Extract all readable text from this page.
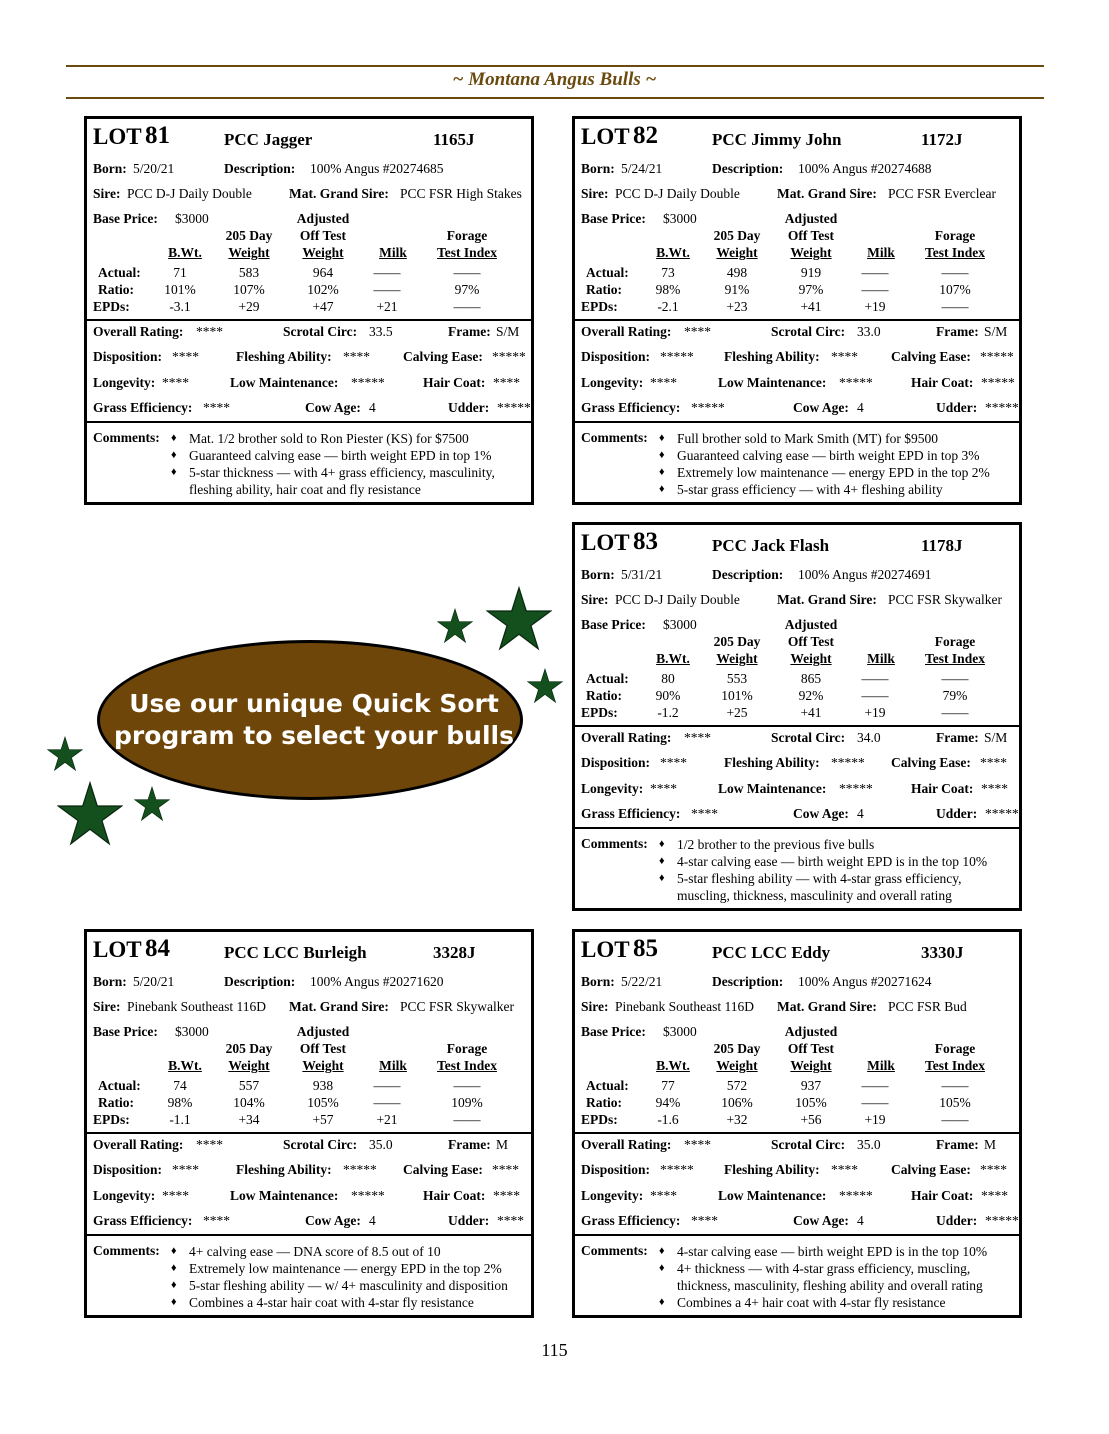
~ Montana Angus Bulls ~
LOT 81	PCC Jagger	1165J
Born: 5/20/21	Description: 100% Angus #20274685
Sire: PCC D-J Daily Double	Mat. Grand Sire: PCC FSR High Stakes
Base Price: $3000	Adjusted
205 Day	Off Test	Forage
B.Wt.	Weight	Weight	Milk	Test Index
Actual:	71	583	964	——	——
Ratio:	101%	107%	102%	——	97%
EPDs:	-3.1	+29	+47	+21	——
Overall Rating: ****	Scrotal Circ: 33.5	Frame: S/M
Disposition: ****	Fleshing Ability: **** Calving Ease: *****
Longevity: ****	Low Maintenance: *****	Hair Coat: ****
Grass Efficiency: ****	Cow Age: 4	Udder: *****
Comments:	♦ Mat. 1/2 brother sold to Ron Piester (KS) for $7500
♦ Guaranteed calving ease — birth weight EPD in top 1%
♦ 5-star thickness — with 4+ grass efficiency, masculinity, fleshing ability, hair coat and fly resistance
LOT 82	PCC Jimmy John	1172J
Born: 5/24/21	Description: 100% Angus #20274688
Sire: PCC D-J Daily Double	Mat. Grand Sire: PCC FSR Everclear
Base Price: $3000	Adjusted
205 Day	Off Test	Forage
B.Wt.	Weight	Weight	Milk	Test Index
Actual:	73	498	919	——	——
Ratio:	98%	91%	97%	——	107%
EPDs:	-2.1	+23	+41	+19	——
Overall Rating: ****	Scrotal Circ: 33.0	Frame: S/M
Disposition: ***** Fleshing Ability: **** Calving Ease: *****
Longevity: ****	Low Maintenance: *****	Hair Coat: *****
Grass Efficiency: *****	Cow Age: 4	Udder: *****
Comments:	♦ Full brother sold to Mark Smith (MT) for $9500
♦ Guaranteed calving ease — birth weight EPD in top 3%
♦ Extremely low maintenance — energy EPD in the top 2%
♦ 5-star grass efficiency — with 4+ fleshing ability
LOT 83	PCC Jack Flash	1178J
Born: 5/31/21	Description: 100% Angus #20274691
Sire: PCC D-J Daily Double	Mat. Grand Sire: PCC FSR Skywalker
Base Price: $3000	Adjusted
205 Day	Off Test	Forage
B.Wt.	Weight	Weight	Milk	Test Index
Actual:	80	553	865	——	——
Ratio:	90%	101%	92%	——	79%
EPDs:	-1.2	+25	+41	+19	——
Overall Rating: ****	Scrotal Circ: 34.0	Frame: S/M
Disposition: ****	Fleshing Ability: ***** Calving Ease: ****
Longevity: ****	Low Maintenance: *****	Hair Coat: ****
Grass Efficiency: ****	Cow Age: 4	Udder: *****
Comments:	♦ 1/2 brother to the previous five bulls
♦ 4-star calving ease — birth weight EPD is in the top 10%
♦ 5-star fleshing ability — with 4-star grass efficiency, muscling, thickness, masculinity and overall rating
LOT 84	PCC LCC Burleigh	3328J
Born: 5/20/21	Description: 100% Angus #20271620
Sire: Pinebank Southeast 116D Mat. Grand Sire: PCC FSR Skywalker
Base Price: $3000	Adjusted
205 Day	Off Test	Forage
B.Wt.	Weight	Weight	Milk	Test Index
Actual:	74	557	938	——	——
Ratio:	98%	104%	105%	——	109%
EPDs:	-1.1	+34	+57	+21	——
Overall Rating: ****	Scrotal Circ: 35.0	Frame: M
Disposition: ****	Fleshing Ability: ***** Calving Ease: ****
Longevity: ****	Low Maintenance: *****	Hair Coat: ****
Grass Efficiency: ****	Cow Age: 4	Udder: ****
Comments:	♦ 4+ calving ease — DNA score of 8.5 out of 10
♦ Extremely low maintenance — energy EPD in the top 2%
♦ 5-star fleshing ability — w/ 4+ masculinity and disposition
♦ Combines a 4-star hair coat with 4-star fly resistance
LOT 85	PCC LCC Eddy	3330J
Born: 5/22/21	Description: 100% Angus #20271624
Sire: Pinebank Southeast 116D Mat. Grand Sire: PCC FSR Bud
Base Price: $3000	Adjusted
205 Day	Off Test	Forage
B.Wt.	Weight	Weight	Milk	Test Index
Actual:	77	572	937	——	——
Ratio:	94%	106%	105%	——	105%
EPDs:	-1.6	+32	+56	+19	——
Overall Rating: ****	Scrotal Circ: 35.0	Frame: M
Disposition: ***** Fleshing Ability: **** Calving Ease: ****
Longevity: ****	Low Maintenance: *****	Hair Coat: ****
Grass Efficiency: ****	Cow Age: 4	Udder: *****
Comments:	♦ 4-star calving ease — birth weight EPD is in the top 10%
♦ 4+ thickness — with 4-star grass efficiency, muscling, thickness, masculinity, fleshing ability and overall rating
♦ Combines a 4+ hair coat with 4-star fly resistance
Use our unique Quick Sort
program to select your bulls
115
